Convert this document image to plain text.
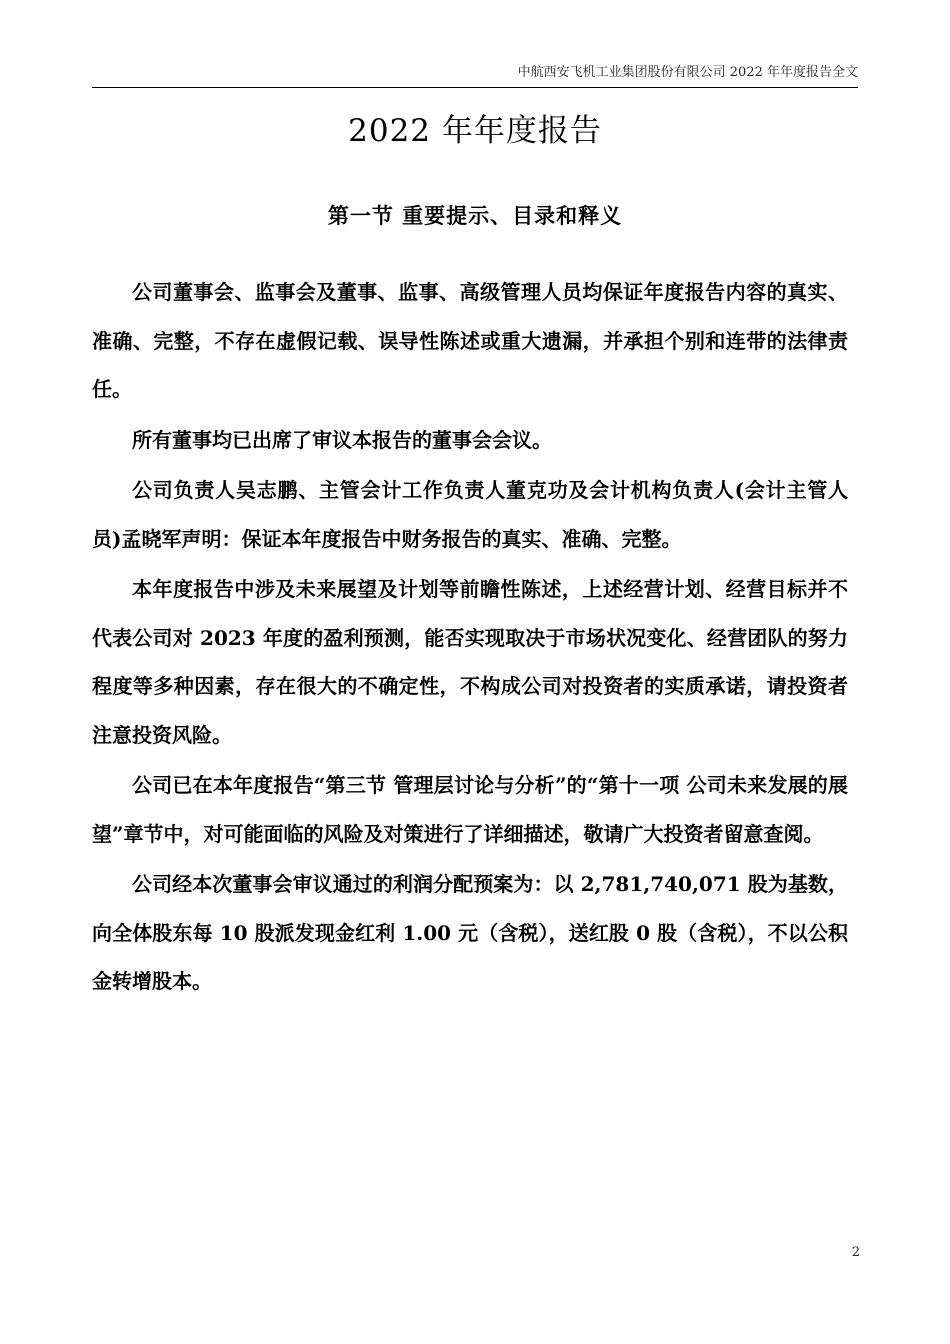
中航西安飞机工业集团股份有限公司 2022 年年度报告全文
2022 年年度报告
第一节 重要提示、目录和释义

公司董事会、监事会及董事、监事、高级管理人员均保证年度报告内容的真实、准确、完整，不存在虚假记载、误导性陈述或重大遗漏，并承担个别和连带的法律责任。

所有董事均已出席了审议本报告的董事会会议。

公司负责人吴志鹏、主管会计工作负责人董克功及会计机构负责人(会计主管人员)孟晓军声明：保证本年度报告中财务报告的真实、准确、完整。

本年度报告中涉及未来展望及计划等前瞻性陈述，上述经营计划、经营目标并不代表公司对 2023 年度的盈利预测，能否实现取决于市场状况变化、经营团队的努力程度等多种因素，存在很大的不确定性，不构成公司对投资者的实质承诺，请投资者注意投资风险。

公司已在本年度报告“第三节 管理层讨论与分析”的“第十一项 公司未来发展的展望”章节中，对可能面临的风险及对策进行了详细描述，敬请广大投资者留意查阅。

公司经本次董事会审议通过的利润分配预案为：以 2,781,740,071 股为基数，向全体股东每 10 股派发现金红利 1.00 元（含税），送红股 0 股（含税），不以公积金转增股本。

2
